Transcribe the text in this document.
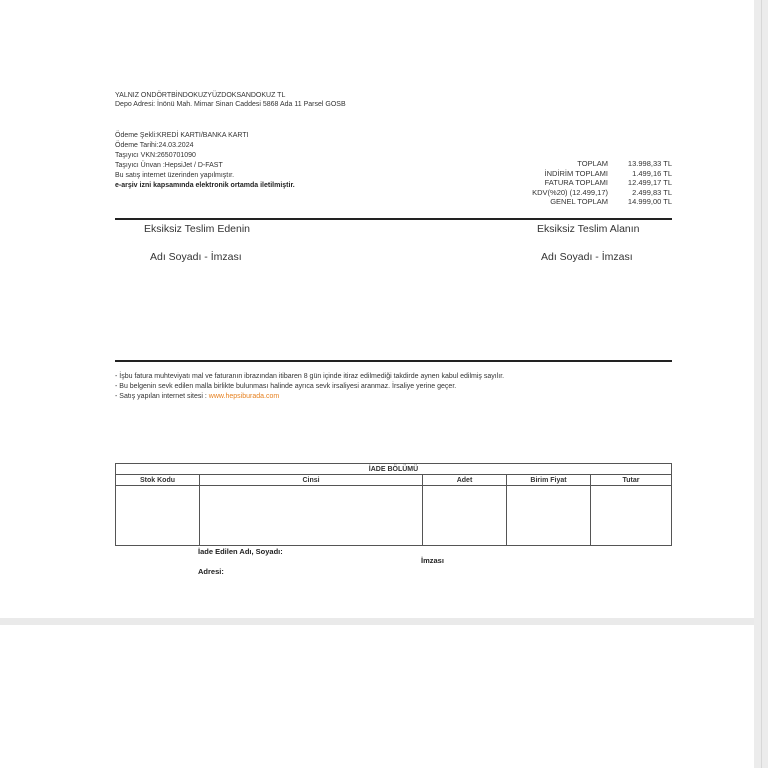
YALNIZ ONDÖRTBİNDOKUZYÜZDOKSANDOKUZ TL
Depo Adresi: İnönü Mah. Mimar Sinan Caddesi 5868 Ada 11 Parsel GOSB
Ödeme Şekli:KREDİ KARTI/BANKA KARTI
Ödeme Tarihi:24.03.2024
Taşıyıcı VKN:2650701090
Taşıyıcı Ünvan :HepsiJet / D-FAST
Bu satış internet üzerinden yapılmıştır.
e-arşiv izni kapsamında elektronik ortamda iletilmiştir.
TOPLAM	13.998,33 TL
İNDİRİM TOPLAMI	1.499,16 TL
FATURA TOPLAMI	12.499,17 TL
KDV(%20) (12.499,17)	2.499,83 TL
GENEL TOPLAM	14.999,00 TL
Eksiksiz Teslim Edenin	Eksiksiz Teslim Alanın
Adı Soyadı - İmzası	Adı Soyadı - İmzası
- İşbu fatura muhteviyatı mal ve faturanın ibrazından itibaren 8 gün içinde itiraz edilmediği takdirde aynen kabul edilmiş sayılır.
- Bu belgenin sevk edilen malla birlikte bulunması halinde ayrıca sevk irsaliyesi aranmaz. İrsaliye yerine geçer.
- Satış yapılan internet sitesi : www.hepsiburada.com
İADE BÖLÜMÜ				
Stok Kodu	Cinsi	Adet	Birim Fiyat	Tutar

İade Edilen Adı, Soyadı:
İmzası
Adresi:
